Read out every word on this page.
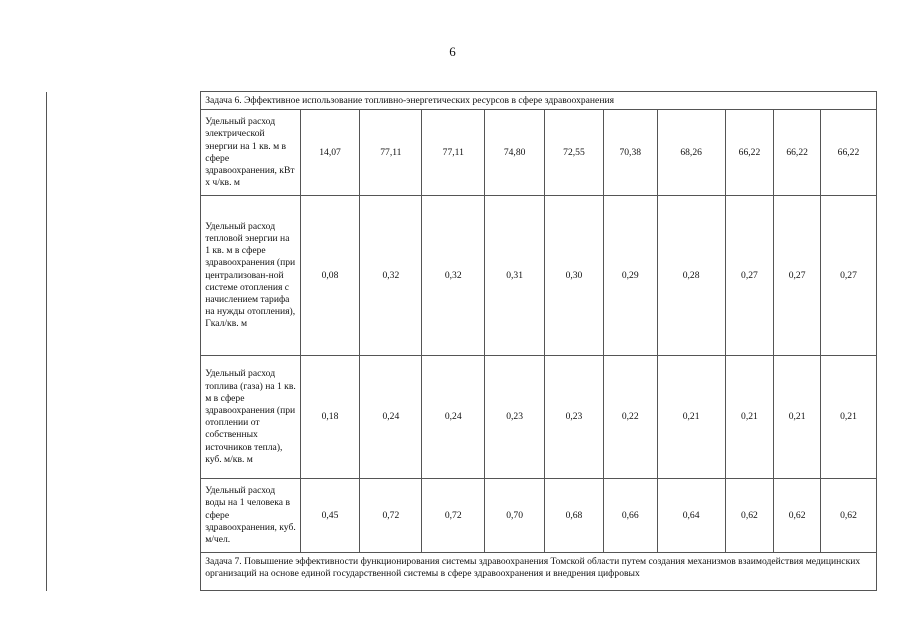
6
	Задача 6. Эффективное использование топливно-энергетических ресурсов в сфере здравоохранения										
	Удельный расход электрической энергии на 1 кв. м в сфере здравоохранения, кВт х ч/кв. м	14,07	77,11	77,11	74,80	72,55	70,38	68,26	66,22	66,22	66,22
	Удельный расход тепловой энергии на 1 кв. м в сфере здравоохранения (при централизован-ной системе отопления с начислением тарифа на нужды отопления), Гкал/кв. м	0,08	0,32	0,32	0,31	0,30	0,29	0,28	0,27	0,27	0,27
	Удельный расход топлива (газа) на 1 кв. м в сфере здравоохранения (при отоплении от собственных источников тепла), куб. м/кв. м	0,18	0,24	0,24	0,23	0,23	0,22	0,21	0,21	0,21	0,21
	Удельный расход воды на 1 человека в сфере здравоохранения, куб. м/чел.	0,45	0,72	0,72	0,70	0,68	0,66	0,64	0,62	0,62	0,62
	Задача 7. Повышение эффективности функционирования системы здравоохранения Томской области путем создания механизмов взаимодействия медицинских организаций на основе единой государственной системы в сфере здравоохранения и внедрения цифровых										
